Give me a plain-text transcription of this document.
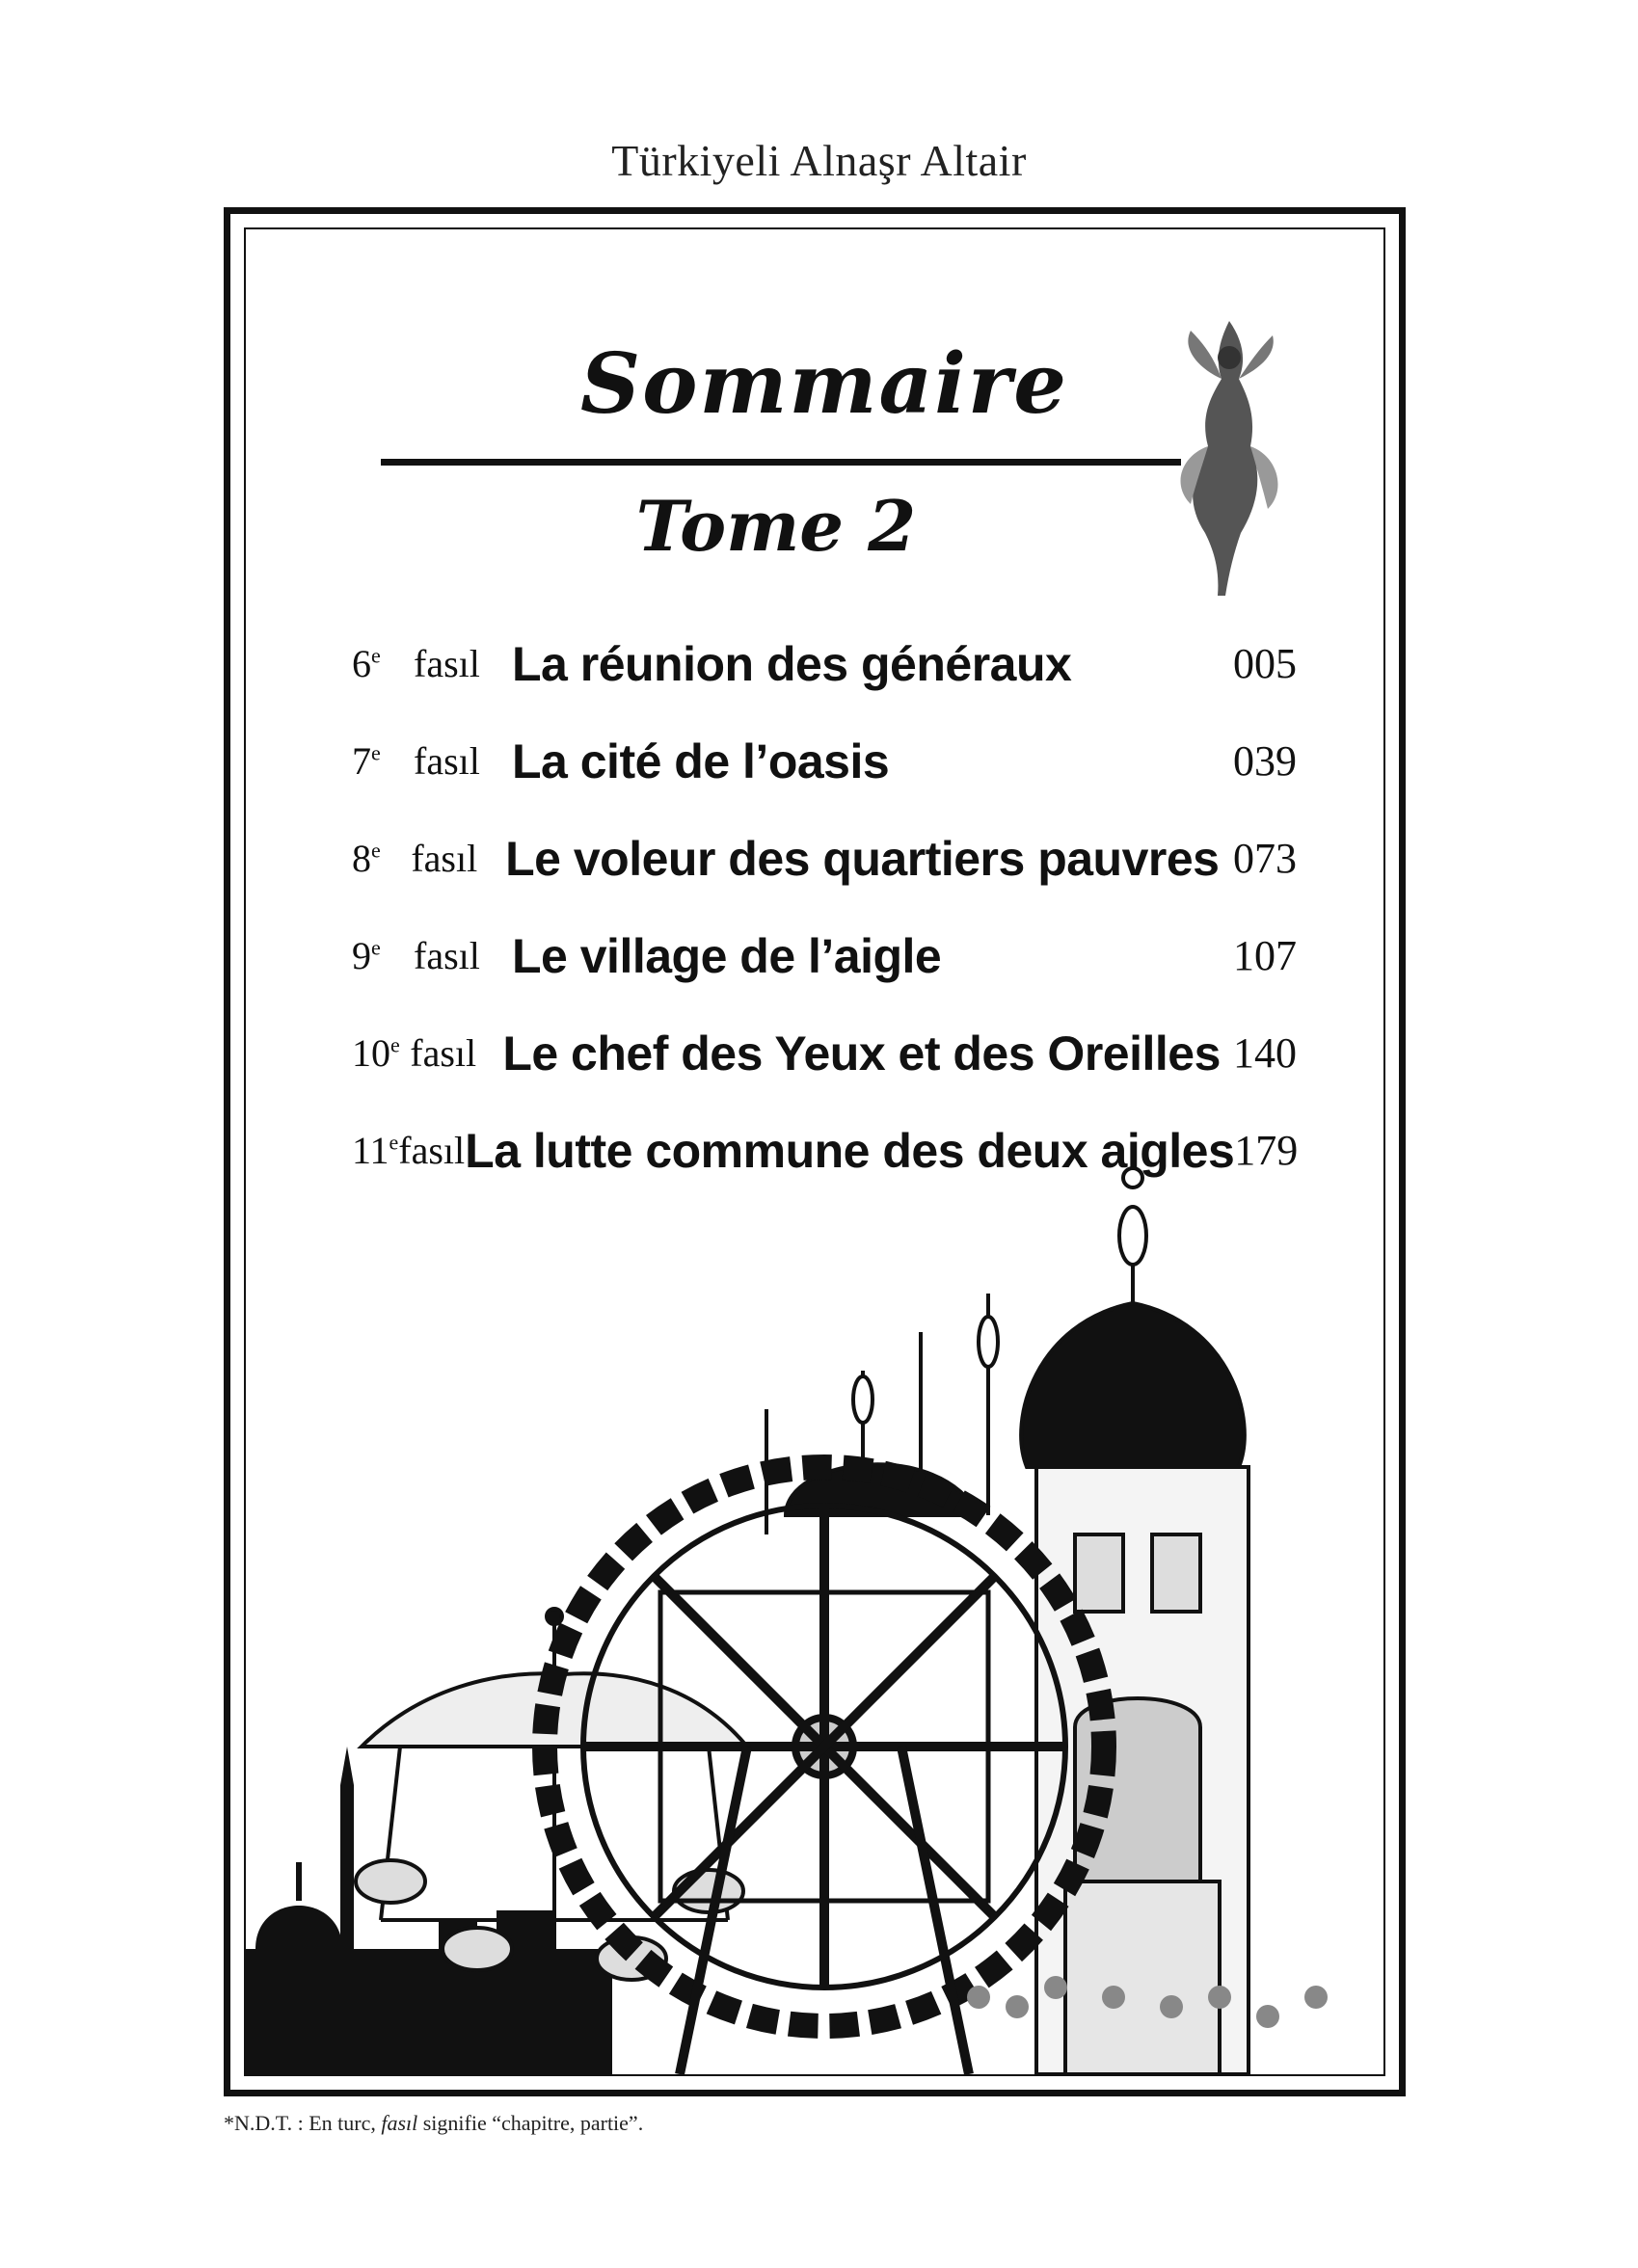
Türkiyeli Alnaşr Altair
Sommaire
Tome 2
6e fasıl La réunion des généraux	005
7e fasıl La cité de l’oasis	039
8e fasıl Le voleur des quartiers pauvres 073
9e fasıl Le village de l’aigle	107
10e fasıl Le chef des Yeux et des Oreilles 140
11e fasıl La lutte commune des deux aigles 179
*N.D.T. : En turc, fasıl signifie “chapitre, partie”.
